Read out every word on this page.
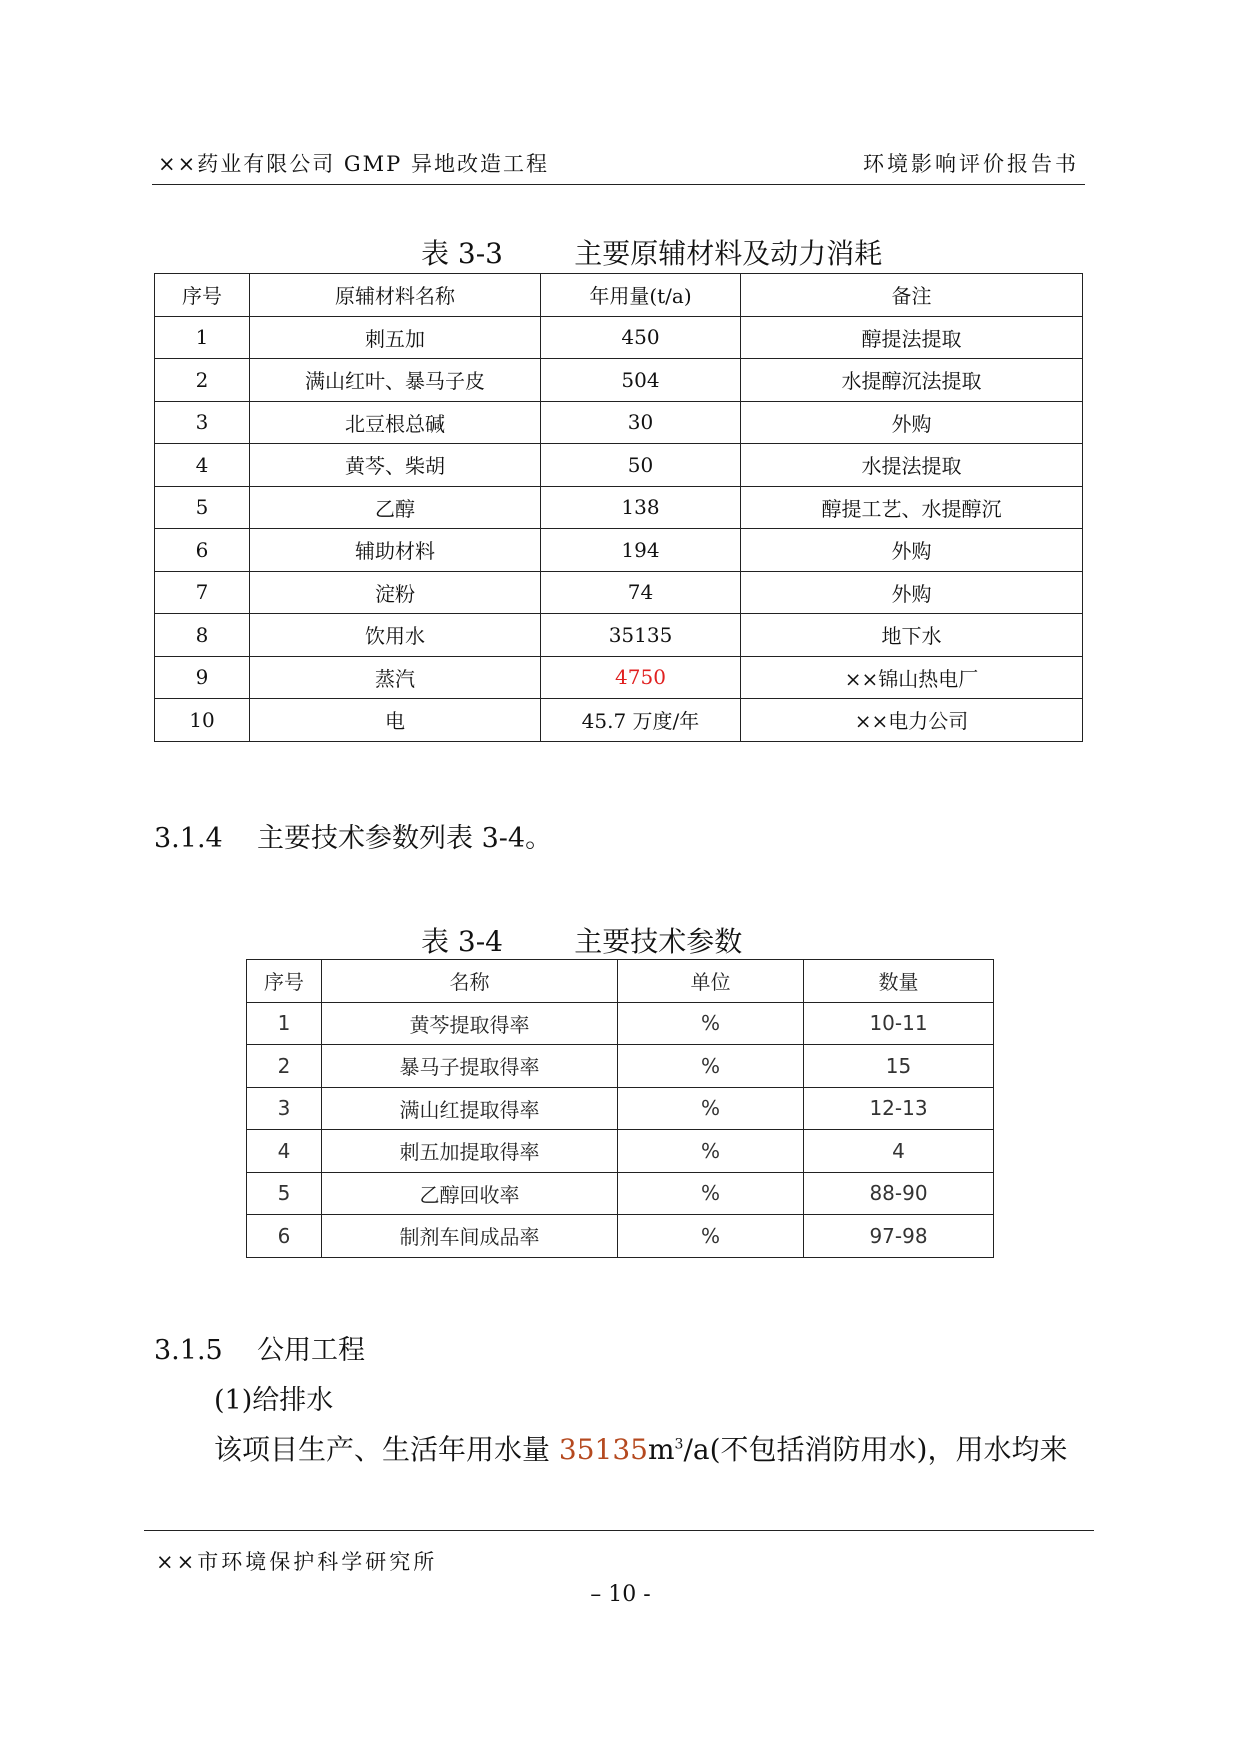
××药业有限公司 GMP 异地改造工程	环境影响评价报告书
表 3-3        主要原辅材料及动力消耗
序号	原辅材料名称	年用量(t/a)	备注
1	刺五加	450	醇提法提取
2	满山红叶、暴马子皮	504	水提醇沉法提取
3	北豆根总碱	30	外购
4	黄芩、柴胡	50	水提法提取
5	乙醇	138	醇提工艺、水提醇沉
6	辅助材料	194	外购
7	淀粉	74	外购
8	饮用水	35135	地下水
9	蒸汽	4750	××锦山热电厂
10	电	45.7 万度/年	××电力公司
3.1.4    主要技术参数列表 3-4。
表 3-4        主要技术参数
序号	名称	单位	数量
1	黄芩提取得率	%	10-11
2	暴马子提取得率	%	15
3	满山红提取得率	%	12-13
4	刺五加提取得率	%	4
5	乙醇回收率	%	88-90
6	制剂车间成品率	%	97-98
3.1.5    公用工程
(1)给排水
该项目生产、生活年用水量 $35135m^3/a$(不包括消防用水)，用水均来
××市环境保护科学研究所
– 10 -
